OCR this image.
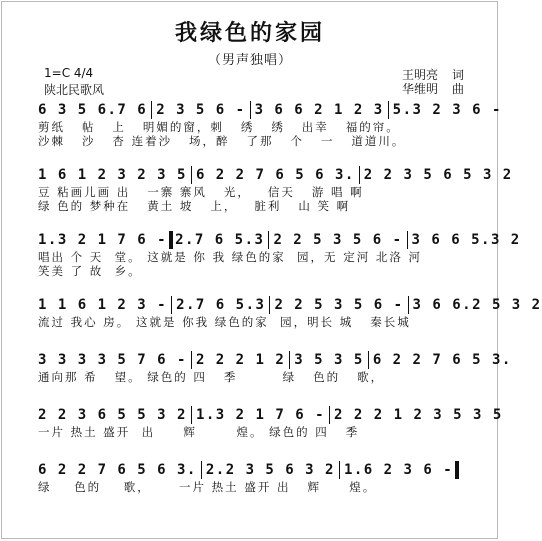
我绿色的家园
（男声独唱）
1=C 4/4
陕北民歌风
王明亮 词
华维明 曲
6 3 5 6.7 6 2 3 5 6 - 3 6 6 2 1 2 3 5.3 2 3 6 -
剪纸   帖   上   明媚的窗，刺   绣   绣   出幸   福的帘。
沙棘   沙   杏 连着沙   场，醉   了那   个   一   道道川。
1 6 1 2 3 2 3 5 6 2 2 7 6 5 6 3. 2 2 3 5 6 5 3 2
豆 粘画儿画 出   一寨 寨风   光，   信天   游 唱 啊
绿 色的 梦种在   黄土 坡   上，   脏利   山 笑 啊
1.3 2 1 7 6 - 2.7 6 5.3 2 2 5 3 5 6 - 3 6 6 5.3 2
唱出 个 天  堂。 这就是 你 我 绿色的家  园，无 定河 北洛 河
笑美 了 故  乡。
1 1 6 1 2 3 - 2.7 6 5.3 2 2 5 3 5 6 - 3 6 6.2 5 3 2
流过 我心 房。 这就是 你我 绿色的家  园，明长 城   秦长城
3 3 3 3 5 7 6 - 2 2 2 1 2 3 5 3 5 6 2 2 7 6 5 3.
通向那 希   望。 绿色的 四   季        绿   色的   歌，
2 2 3 6 5 5 3 2 1.3 2 1 7 6 - 2 2 2 1 2 3 5 3 5
一片 热土 盛开  出     辉       煌。 绿色的 四   季
6 2 2 7 6 5 6 3. 2.2 3 5 6 3 2 1.6 2 3 6 -
绿    色的    歌，     一片 热土 盛开 出   辉     煌。
